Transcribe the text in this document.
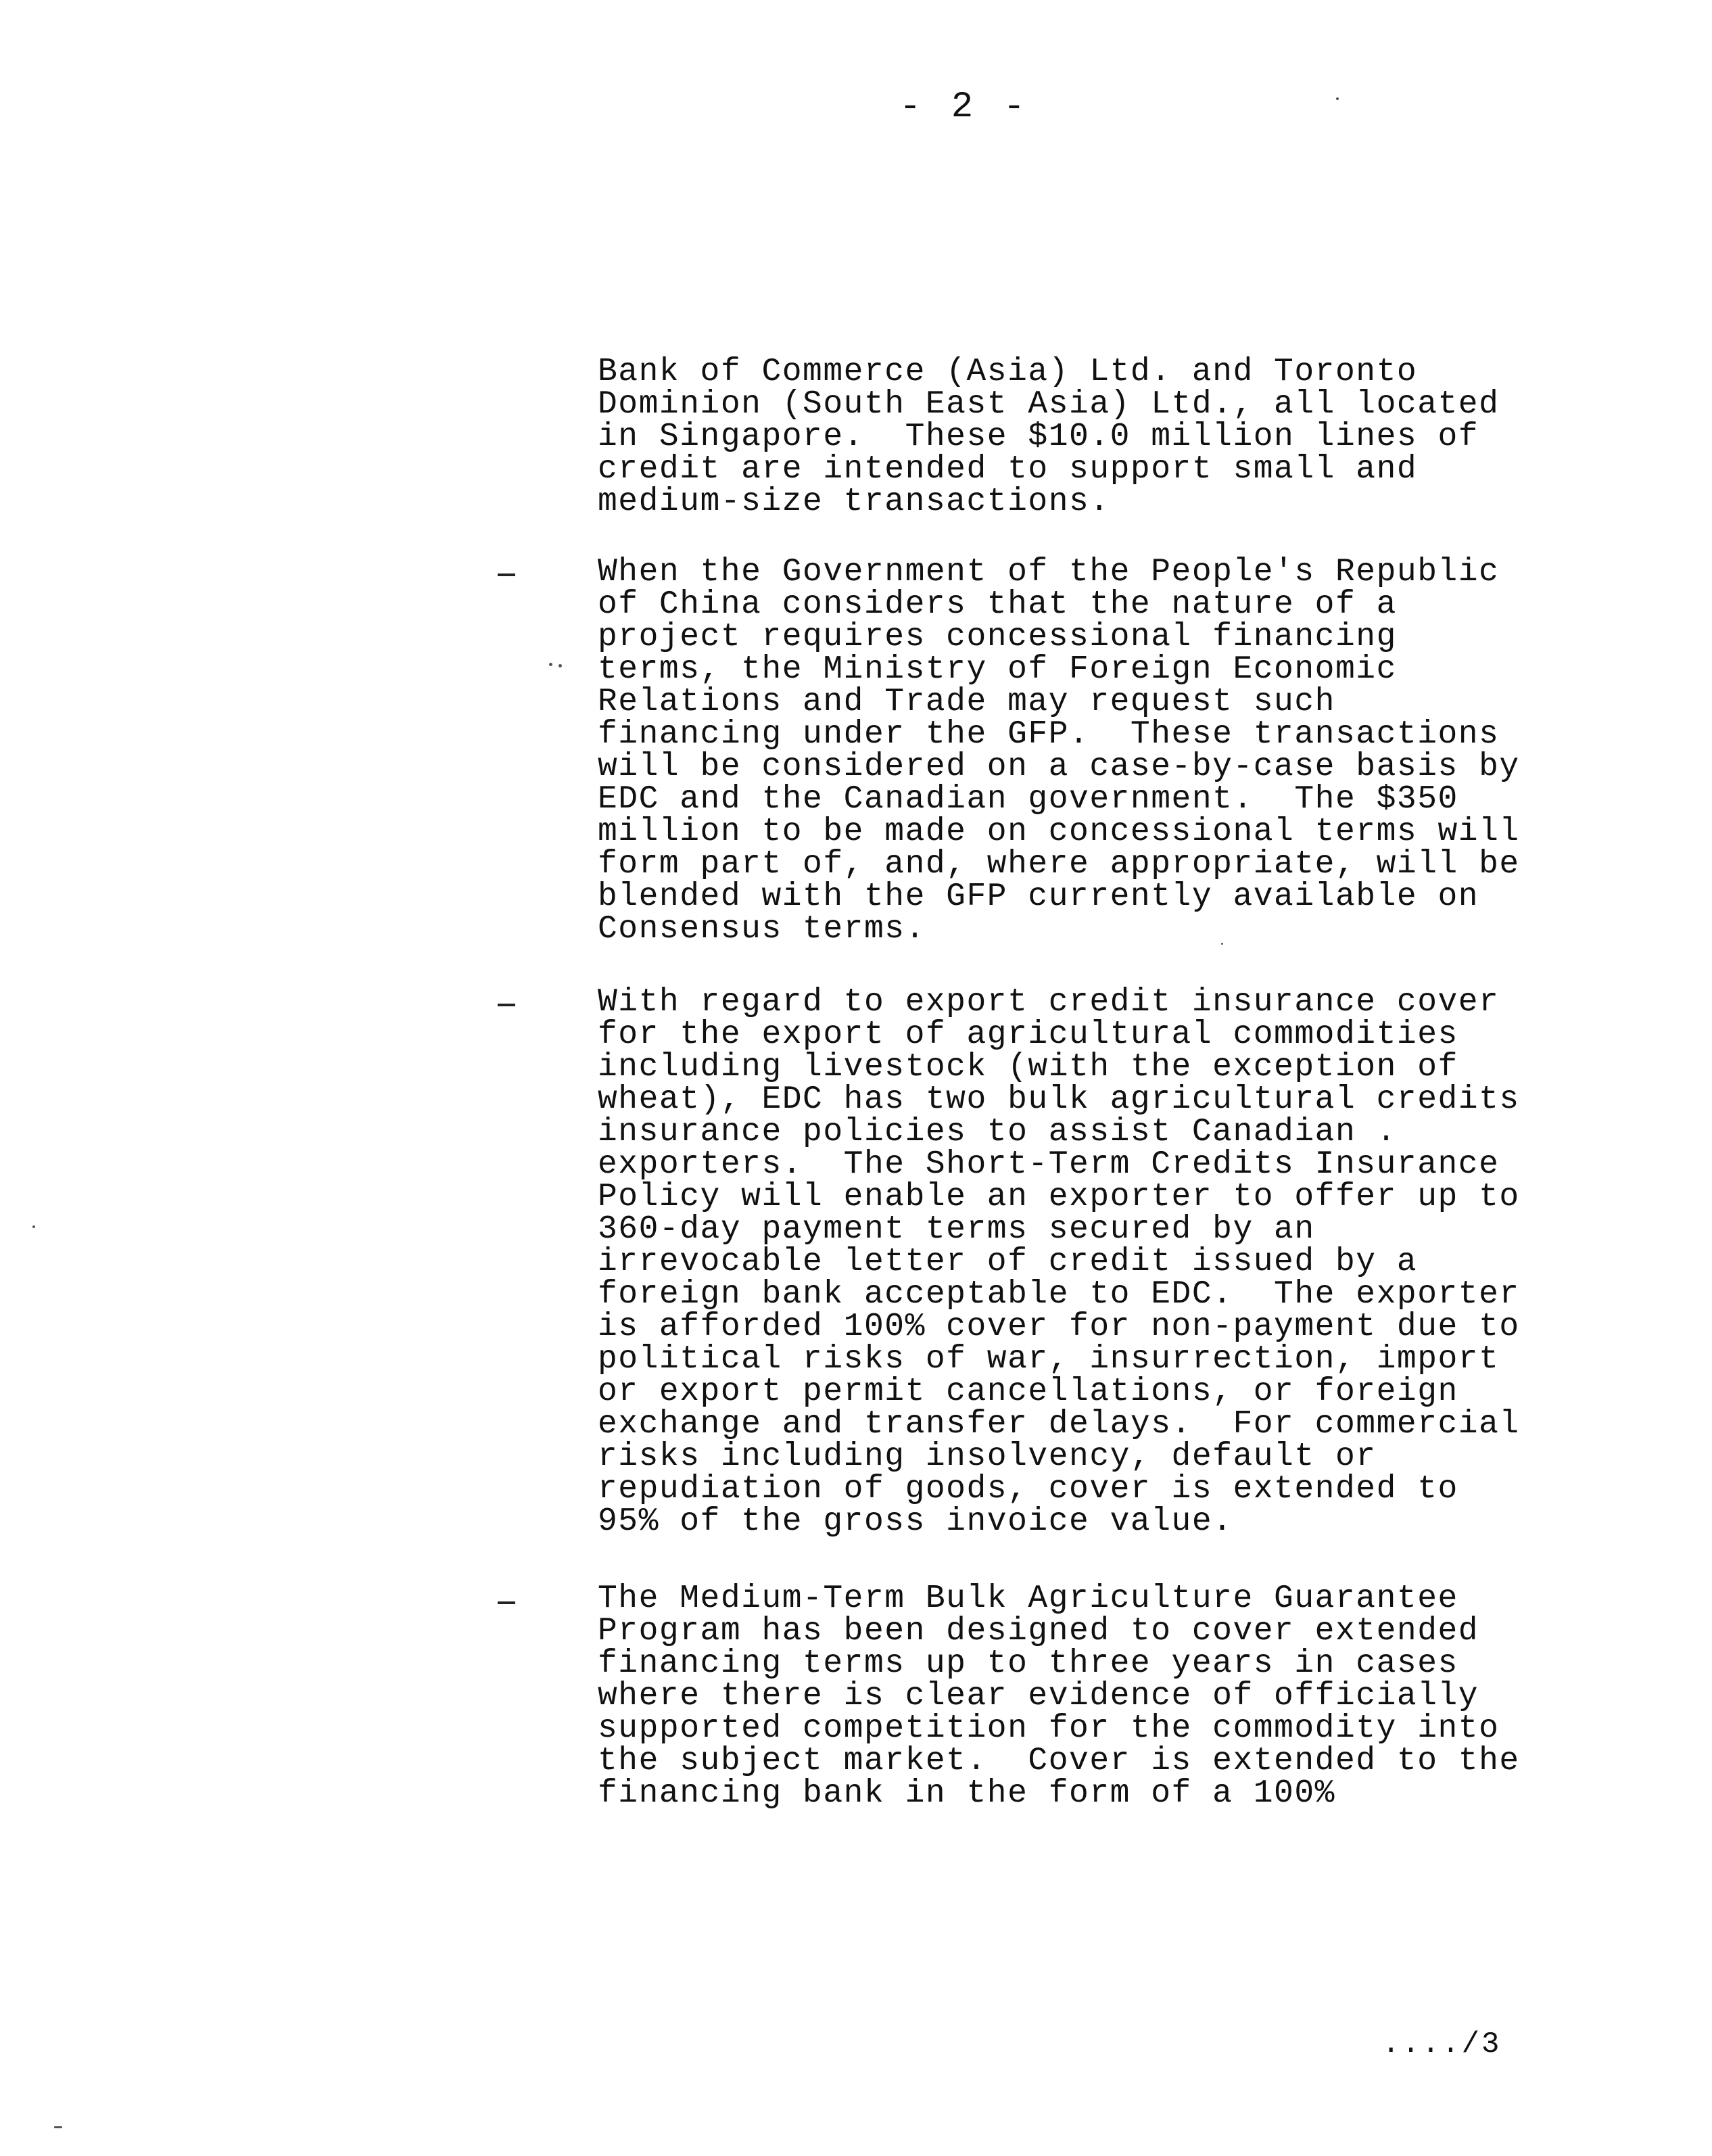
- 2 -
Bank of Commerce (Asia) Ltd. and Toronto
Dominion (South East Asia) Ltd., all located
in Singapore.  These $10.0 million lines of
credit are intended to support small and
medium-size transactions.
When the Government of the People's Republic
of China considers that the nature of a
project requires concessional financing
terms, the Ministry of Foreign Economic
Relations and Trade may request such
financing under the GFP.  These transactions
will be considered on a case-by-case basis by
EDC and the Canadian government.  The $350
million to be made on concessional terms will
form part of, and, where appropriate, will be
blended with the GFP currently available on
Consensus terms.
With regard to export credit insurance cover
for the export of agricultural commodities
including livestock (with the exception of
wheat), EDC has two bulk agricultural credits
insurance policies to assist Canadian .
exporters.  The Short-Term Credits Insurance
Policy will enable an exporter to offer up to
360-day payment terms secured by an
irrevocable letter of credit issued by a
foreign bank acceptable to EDC.  The exporter
is afforded 100% cover for non-payment due to
political risks of war, insurrection, import
or export permit cancellations, or foreign
exchange and transfer delays.  For commercial
risks including insolvency, default or
repudiation of goods, cover is extended to
95% of the gross invoice value.
The Medium-Term Bulk Agriculture Guarantee
Program has been designed to cover extended
financing terms up to three years in cases
where there is clear evidence of officially
supported competition for the commodity into
the subject market.  Cover is extended to the
financing bank in the form of a 100%
..../3
